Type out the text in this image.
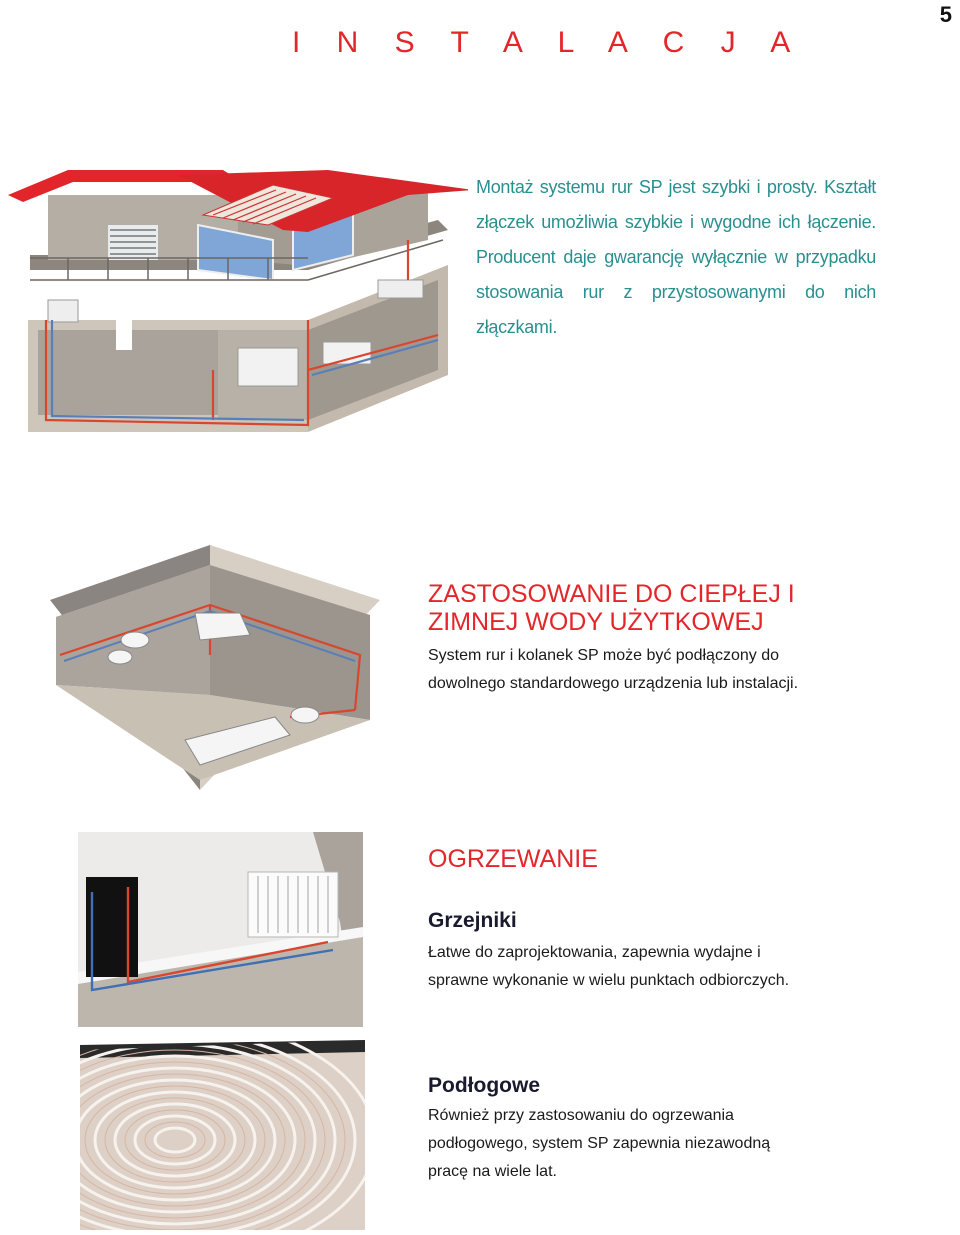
5
I N S T A L A C J A

Montaż systemu rur SP jest szybki i prosty. Kształt złączek umożliwia szybkie i wygodne ich łączenie. Producent daje gwarancję wyłącznie w przypadku stosowania rur z przystosowanymi do nich złączkami.

ZASTOSOWANIE DO CIEPŁEJ I

ZIMNEJ WODY UŻYTKOWEJ

System rur i kolanek SP może być podłączony do

dowolnego standardowego urządzenia lub instalacji.

OGRZEWANIE

Grzejniki

Łatwe do zaprojektowania, zapewnia wydajne i

sprawne wykonanie w wielu punktach odbiorczych.

Podłogowe

Również przy zastosowaniu do ogrzewania

podłogowego, system SP zapewnia niezawodną

pracę na wiele lat.
